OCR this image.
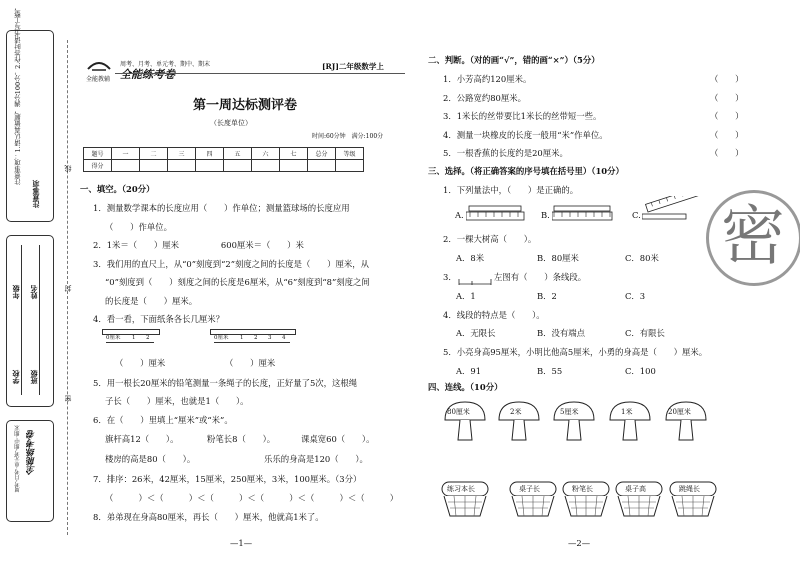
注意事项：1.请认真做题，满分100分，2.作答时请书写工整，
注意事项
学校
年级 姓名
班级
周考·月考·单元考·期中·期末 全能练考卷
线
封
密
全能教辅 全能练考卷
周考、月考、单元考、期中、期末	[RJ]二年级数学上
第一周达标测评卷
（长度单位）
时间:60分钟　满分:100分
题号	一	二	三	四	五	六	七	总分	等级
得分									
一、填空。（20分）
1．测量数学课本的长度应用（　　）作单位；测量篮球场的长度应用
（　　）作单位。
2．1米＝（　　）厘米　　　　　600厘米＝（　　）米
3．我们用的直尺上，从“0”刻度到“2”刻度之间的长度是（　　）厘米，从
“0”刻度到（　　）刻度之间的长度是6厘米，从“6”刻度到“8”刻度之间
的长度是（　　）厘米。
4．看一看，下面纸条各长几厘米？
0厘米 1 2	0厘米 1 2 3 4
（　　）厘米	（　　）厘米
5．用一根长20厘米的铅笔测量一条绳子的长度，正好量了5次，这根绳
子长（　　）厘米，也就是1（　　）。
6．在（　　）里填上“厘米”或“米”。
旗杆高12（　　）。	粉笔长8（　　）。	课桌宽60（　　）。
楼房的高是80（　　）。	乐乐的身高是120（　　）。
7．排序：26米，42厘米，15厘米，250厘米，3米，100厘米。（3分）
（　　　）＜（　　　）＜（　　　）＜（　　　）＜（　　　）＜（　　　）
8．弟弟现在身高80厘米，再长（　　）厘米，他就高1米了。
—1—
二、判断。（对的画“√”，错的画“×”）（5分）
1．小芳高约120厘米。	（　　）
2．公路宽约80厘米。	（　　）
3．1米长的丝带要比1米长的丝带短一些。	（　　）
4．测量一块橡皮的长度一般用“米”作单位。	（　　）
5．一根香蕉的长度约是20厘米。	（　　）
三、选择。（将正确答案的序号填在括号里）（10分）
1．下列量法中，（　　）是正确的。
A.	B.	C.
2．一棵大树高（　　）。
A．8米	B．80厘米	C．80米
3．	左图有（　　）条线段。
A．1	B．2	C．3
4．线段的特点是（　　）。
A．无限长	B．没有端点	C．有限长
5．小亮身高95厘米，小明比他高5厘米，小勇的身高是（　　）厘米。
A．91	B．55	C．100
四、连线。（10分）
80厘米	2米	5厘米	1米	20厘米
练习本长	桌子长	粉笔长	桌子高	跳绳长
—2—
密
